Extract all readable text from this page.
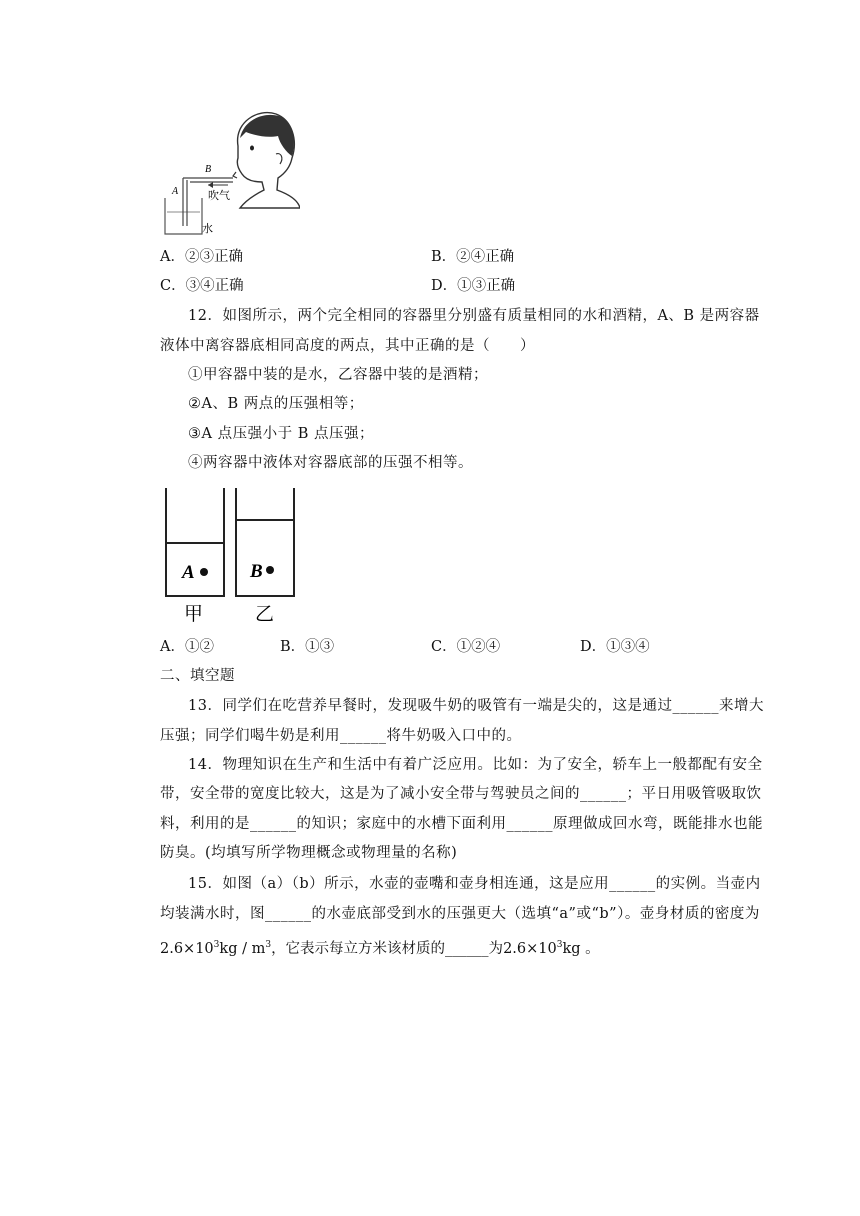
B
A	吹气
水
A．②③正确	B．②④正确
C．③④正确	D．①③正确
12．如图所示，两个完全相同的容器里分别盛有质量相同的水和酒精，A、B 是两容器
液体中离容器底相同高度的两点，其中正确的是（　　）
①甲容器中装的是水，乙容器中装的是酒精；
②A、B 两点的压强相等；
③A 点压强小于 B 点压强；
④两容器中液体对容器底部的压强不相等。
A	B
甲	乙
A．①②	B．①③	C．①②④	D．①③④
二、填空题
13．同学们在吃营养早餐时，发现吸牛奶的吸管有一端是尖的，这是通过______来增大
压强；同学们喝牛奶是利用______将牛奶吸入口中的。
14．物理知识在生产和生活中有着广泛应用。比如：为了安全，轿车上一般都配有安全
带，安全带的宽度比较大，这是为了减小安全带与驾驶员之间的______；平日用吸管吸取饮
料，利用的是______的知识；家庭中的水槽下面利用______原理做成回水弯，既能排水也能
防臭。(均填写所学物理概念或物理量的名称)
15．如图（a）（b）所示，水壶的壶嘴和壶身相连通，这是应用______的实例。当壶内
均装满水时，图______的水壶底部受到水的压强更大（选填“a”或“b”）。壶身材质的密度为
$2.6\times 10^3kg / m^3$，它表示每立方米该材质的______为$2.6\times 10^3kg$ 。
